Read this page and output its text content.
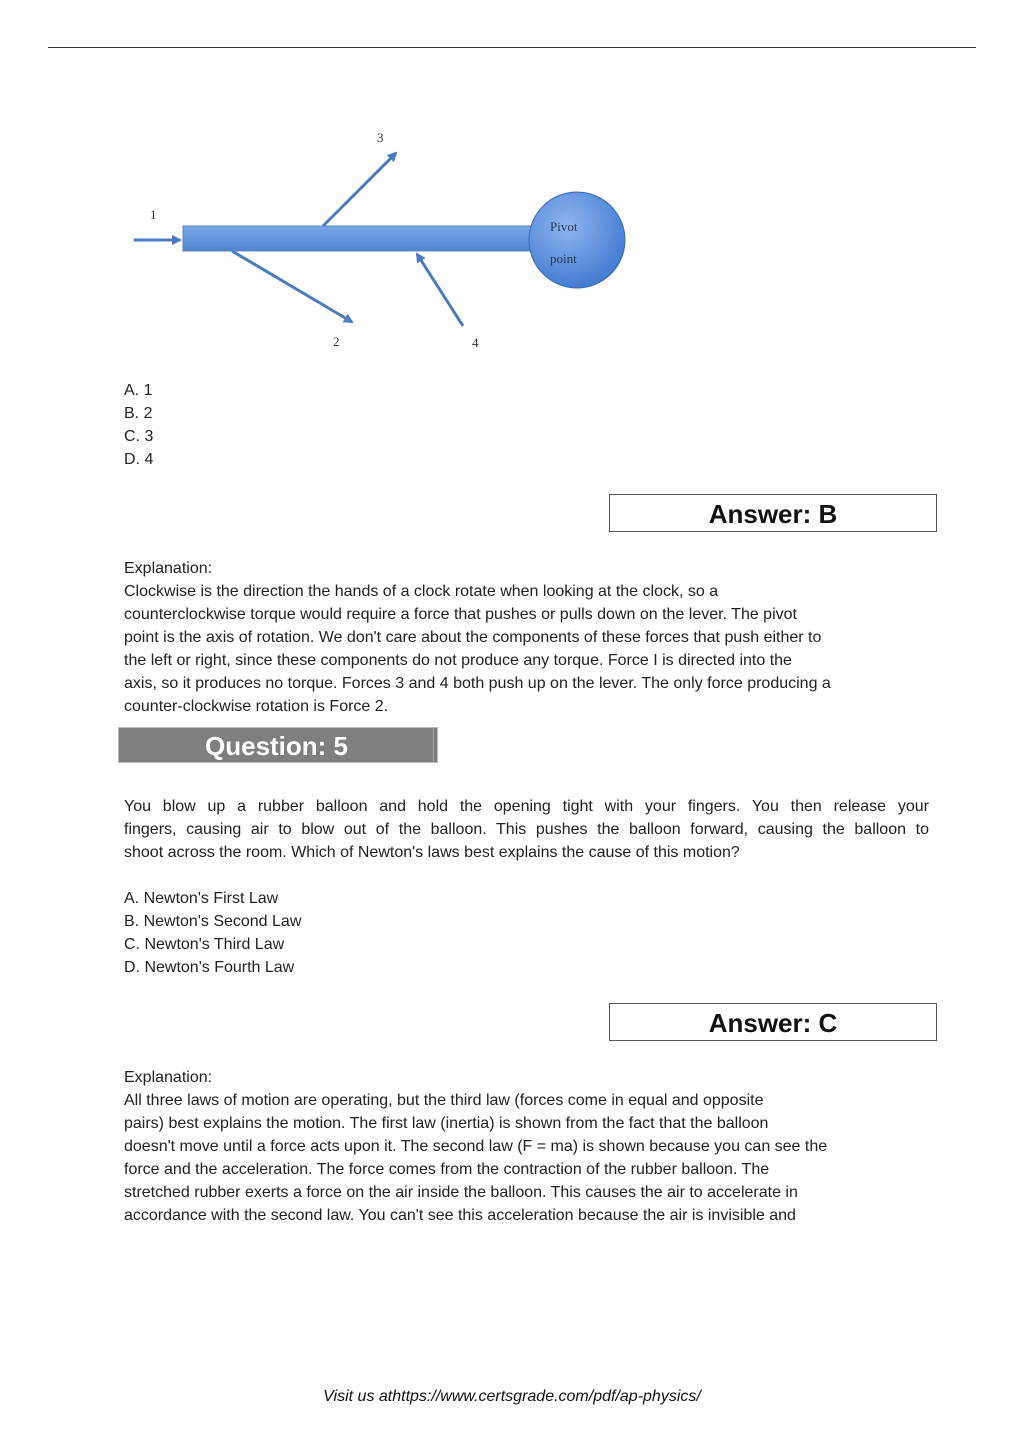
Pivot
point
1
2
3
4
A. 1
B. 2
C. 3
D. 4
Answer: B
Explanation:
Clockwise is the direction the hands of a clock rotate when looking at the clock, so a
counterclockwise torque would require a force that pushes or pulls down on the lever. The pivot
point is the axis of rotation. We don't care about the components of these forces that push either to
the left or right, since these components do not produce any torque. Force I is directed into the
axis, so it produces no torque. Forces 3 and 4 both push up on the lever. The only force producing a
counter-clockwise rotation is Force 2.
Question: 5
You blow up a rubber balloon and hold the opening tight with your fingers. You then release your
fingers, causing air to blow out of the balloon. This pushes the balloon forward, causing the balloon to
shoot across the room. Which of Newton's laws best explains the cause of this motion?
A. Newton's First Law
B. Newton's Second Law
C. Newton's Third Law
D. Newton's Fourth Law
Answer: C
Explanation:
All three laws of motion are operating, but the third law (forces come in equal and opposite
pairs) best explains the motion. The first law (inertia) is shown from the fact that the balloon
doesn't move until a force acts upon it. The second law (F = ma) is shown because you can see the
force and the acceleration. The force comes from the contraction of the rubber balloon. The
stretched rubber exerts a force on the air inside the balloon. This causes the air to accelerate in
accordance with the second law. You can't see this acceleration because the air is invisible and
Visit us athttps://www.certsgrade.com/pdf/ap-physics/
